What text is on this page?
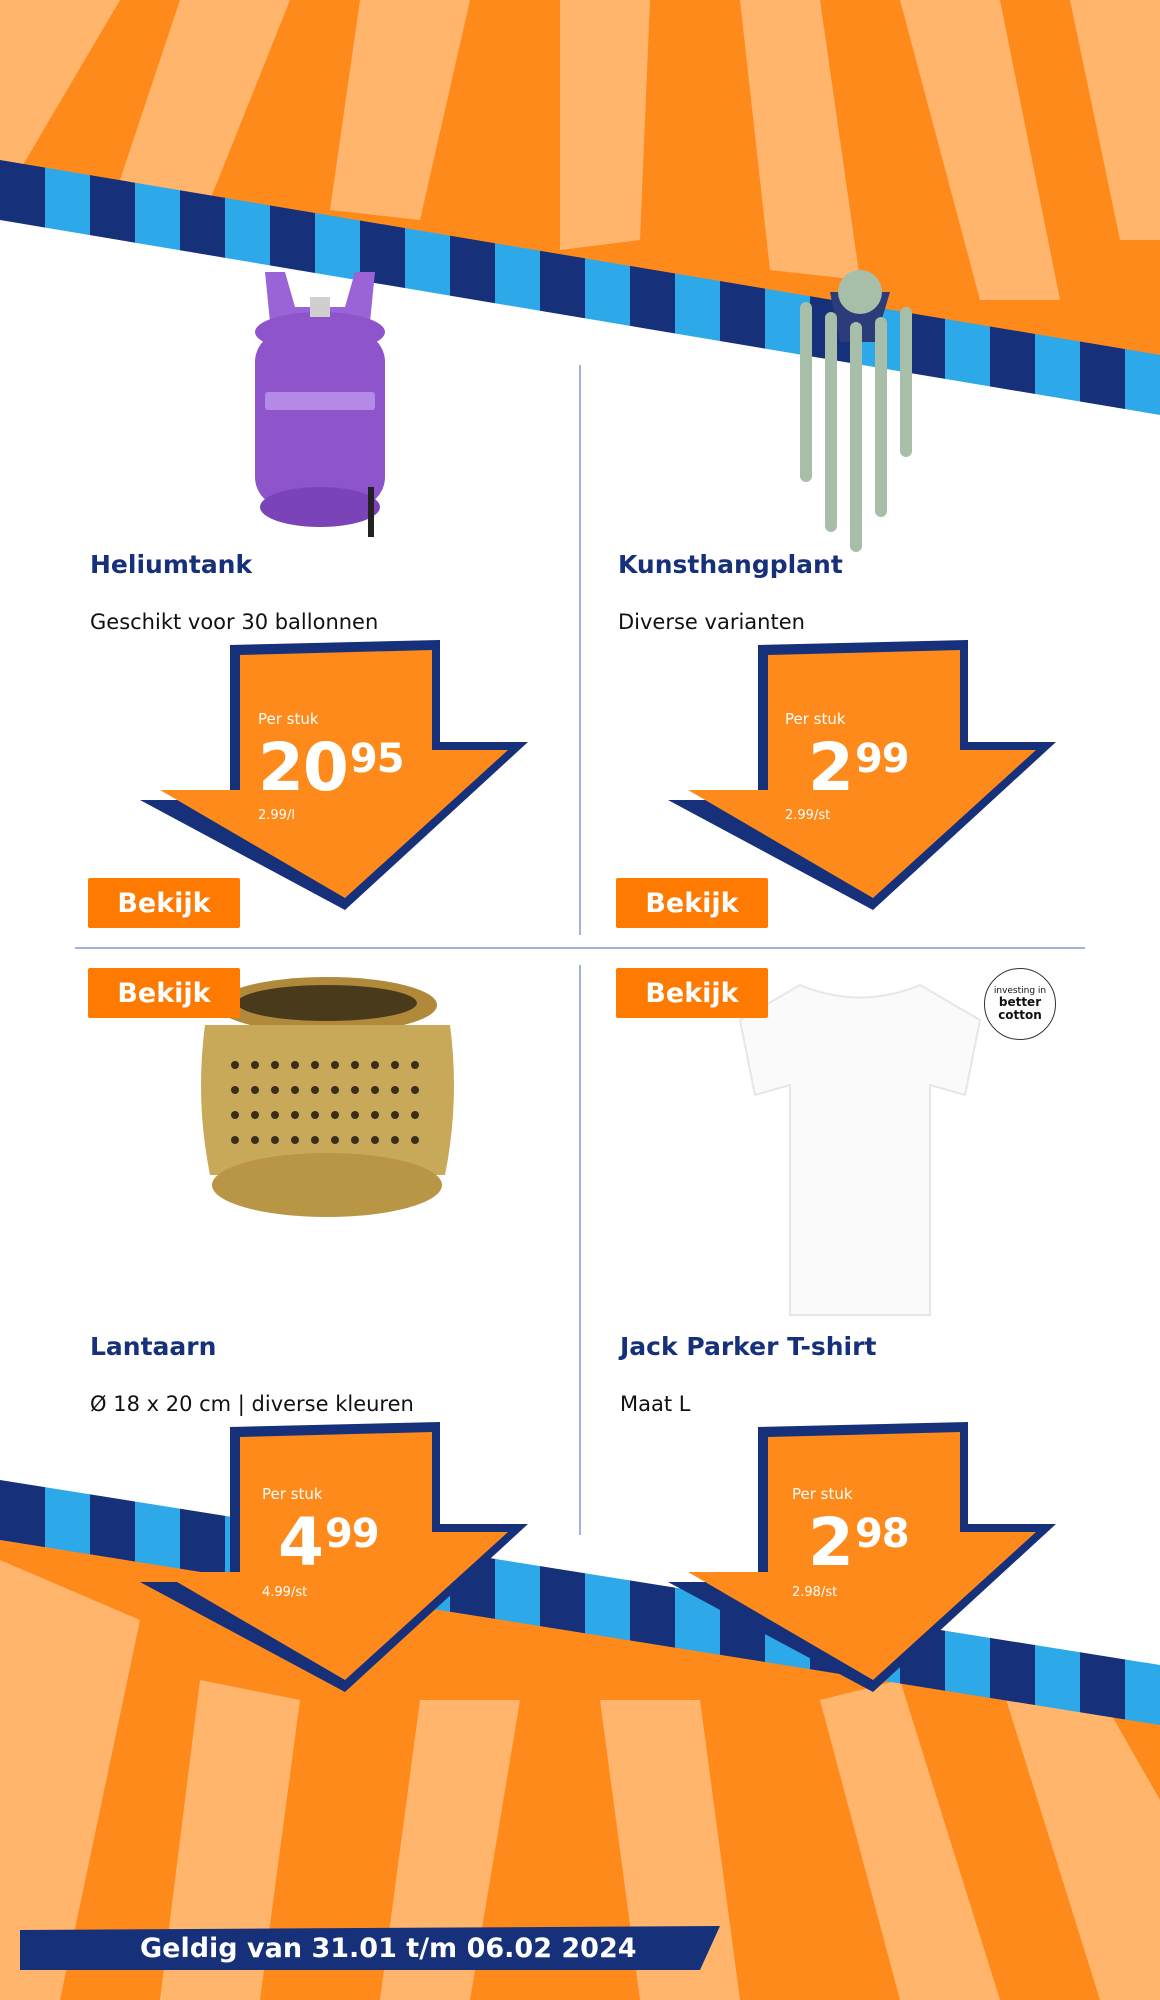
investing in
better
cotton
Heliumtank
Geschikt voor 30 ballonnen
Per stuk
$20^{95}$
2.99/l
Bekijk
Kunsthangplant
Diverse varianten
Per stuk
$2^{99}$
2.99/st
Bekijk
Bekijk
Lantaarn
Ø 18 x 20 cm | diverse kleuren
Per stuk
$4^{99}$
4.99/st
Bekijk
Jack Parker T-shirt
Maat L
Per stuk
$2^{98}$
2.98/st
Geldig van 31.01 t/m 06.02 2024
